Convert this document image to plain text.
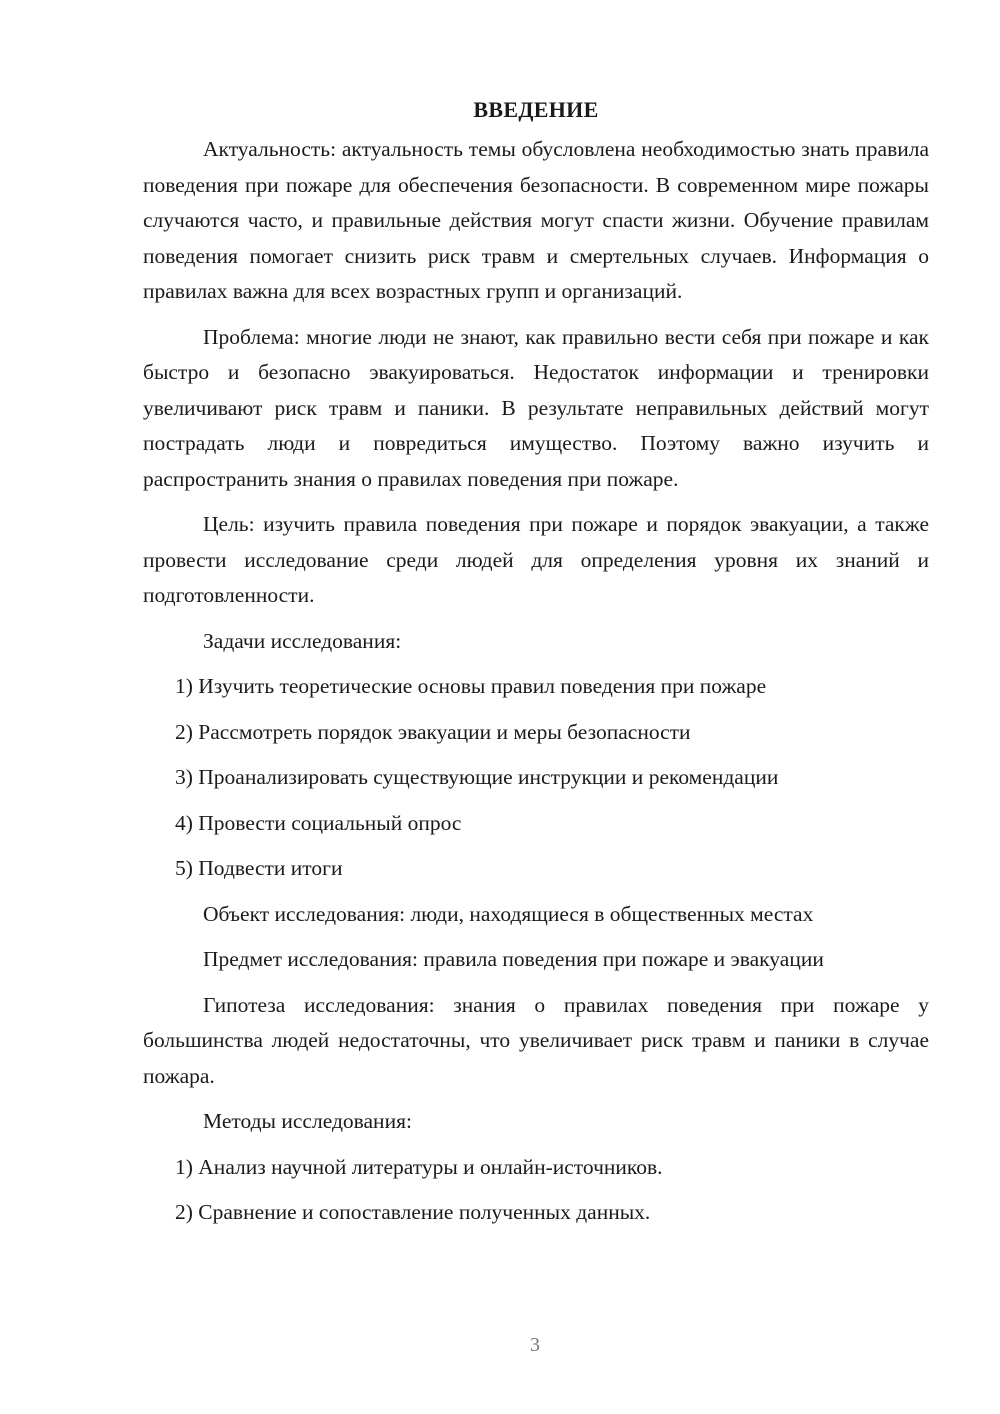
ВВЕДЕНИЕ

Актуальность: актуальность темы обусловлена необходимостью знать правила поведения при пожаре для обеспечения безопасности. В современном мире пожары случаются часто, и правильные действия могут спасти жизни. Обучение правилам поведения помогает снизить риск травм и смертельных случаев. Информация о правилах важна для всех возрастных групп и организаций.

Проблема: многие люди не знают, как правильно вести себя при пожаре и как быстро и безопасно эвакуироваться. Недостаток информации и тренировки увеличивают риск травм и паники. В результате неправильных действий могут пострадать люди и повредиться имущество. Поэтому важно изучить и распространить знания о правилах поведения при пожаре.

Цель: изучить правила поведения при пожаре и порядок эвакуации, а также провести исследование среди людей для определения уровня их знаний и подготовленности.

Задачи исследования:

1) Изучить теоретические основы правил поведения при пожаре

2) Рассмотреть порядок эвакуации и меры безопасности

3) Проанализировать существующие инструкции и рекомендации

4) Провести социальный опрос

5) Подвести итоги

Объект исследования: люди, находящиеся в общественных местах

Предмет исследования: правила поведения при пожаре и эвакуации

Гипотеза исследования: знания о правилах поведения при пожаре у большинства людей недостаточны, что увеличивает риск травм и паники в случае пожара.

Методы исследования:

1) Анализ научной литературы и онлайн-источников.

2) Сравнение и сопоставление полученных данных.

3
